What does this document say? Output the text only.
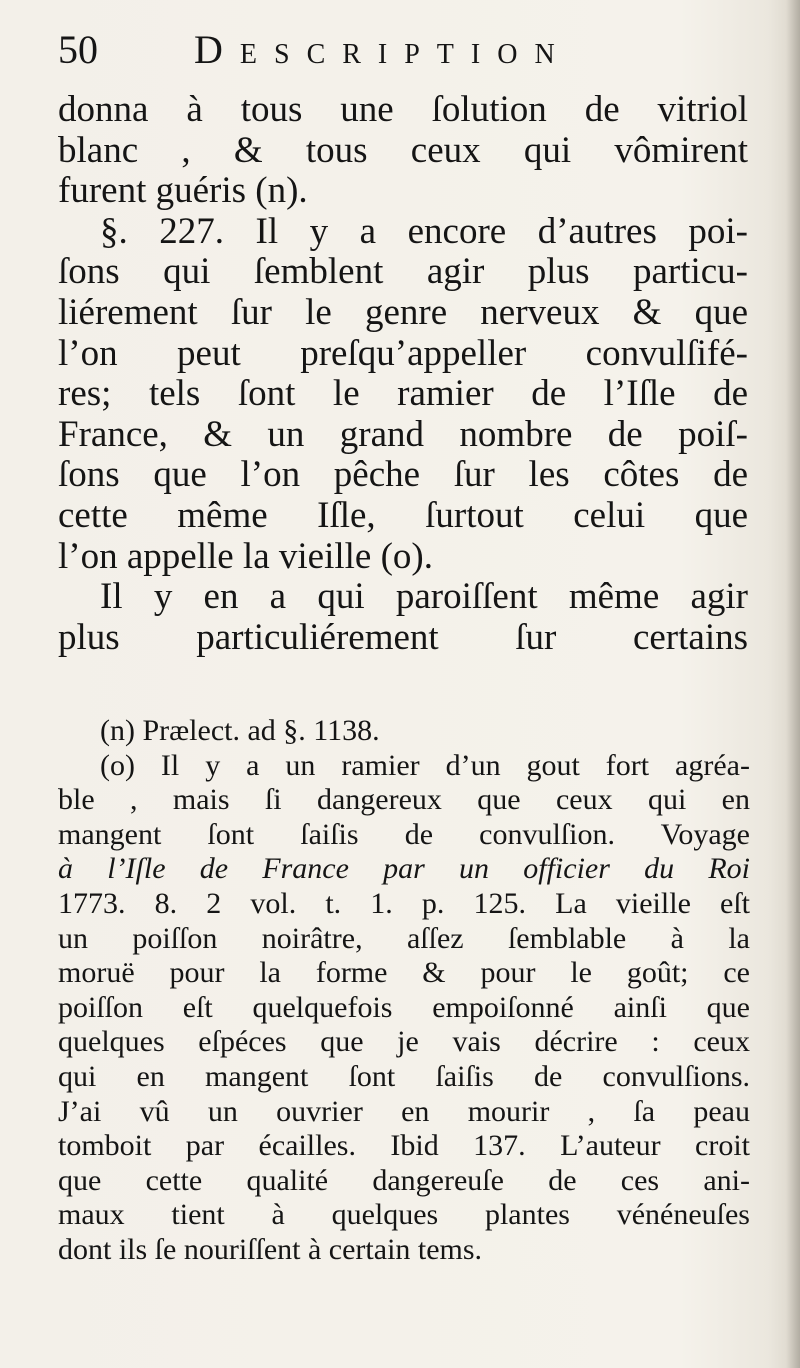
50 Description
donna à tous une ſolution de vitriol
blanc , & tous ceux qui vômirent
furent guéris (n).
§. 227. Il y a encore d’autres poi-
ſons qui ſemblent agir plus particu-
liérement ſur le genre nerveux & que
l’on peut preſqu’appeller convulſifé-
res; tels ſont le ramier de l’Iſle de
France, & un grand nombre de poiſ-
ſons que l’on pêche ſur les côtes de
cette même Iſle, ſurtout celui que
l’on appelle la vieille (o).
Il y en a qui paroiſſent même agir
plus particuliérement ſur certains
(n) Prælect. ad §. 1138.
(o) Il y a un ramier d’un gout fort agréa-
ble , mais ſi dangereux que ceux qui en
mangent ſont ſaiſis de convulſion. Voyage
à l’Iſle de France par un officier du Roi
1773. 8. 2 vol. t. 1. p. 125. La vieille eſt
un poiſſon noirâtre, aſſez ſemblable à la
moruë pour la forme & pour le goût; ce
poiſſon eſt quelquefois empoiſonné ainſi que
quelques eſpéces que je vais décrire : ceux
qui en mangent ſont ſaiſis de convulſions.
J’ai vû un ouvrier en mourir , ſa peau
tomboit par écailles. Ibid 137. L’auteur croit
que cette qualité dangereuſe de ces ani-
maux tient à quelques plantes vénéneuſes
dont ils ſe nouriſſent à certain tems.
